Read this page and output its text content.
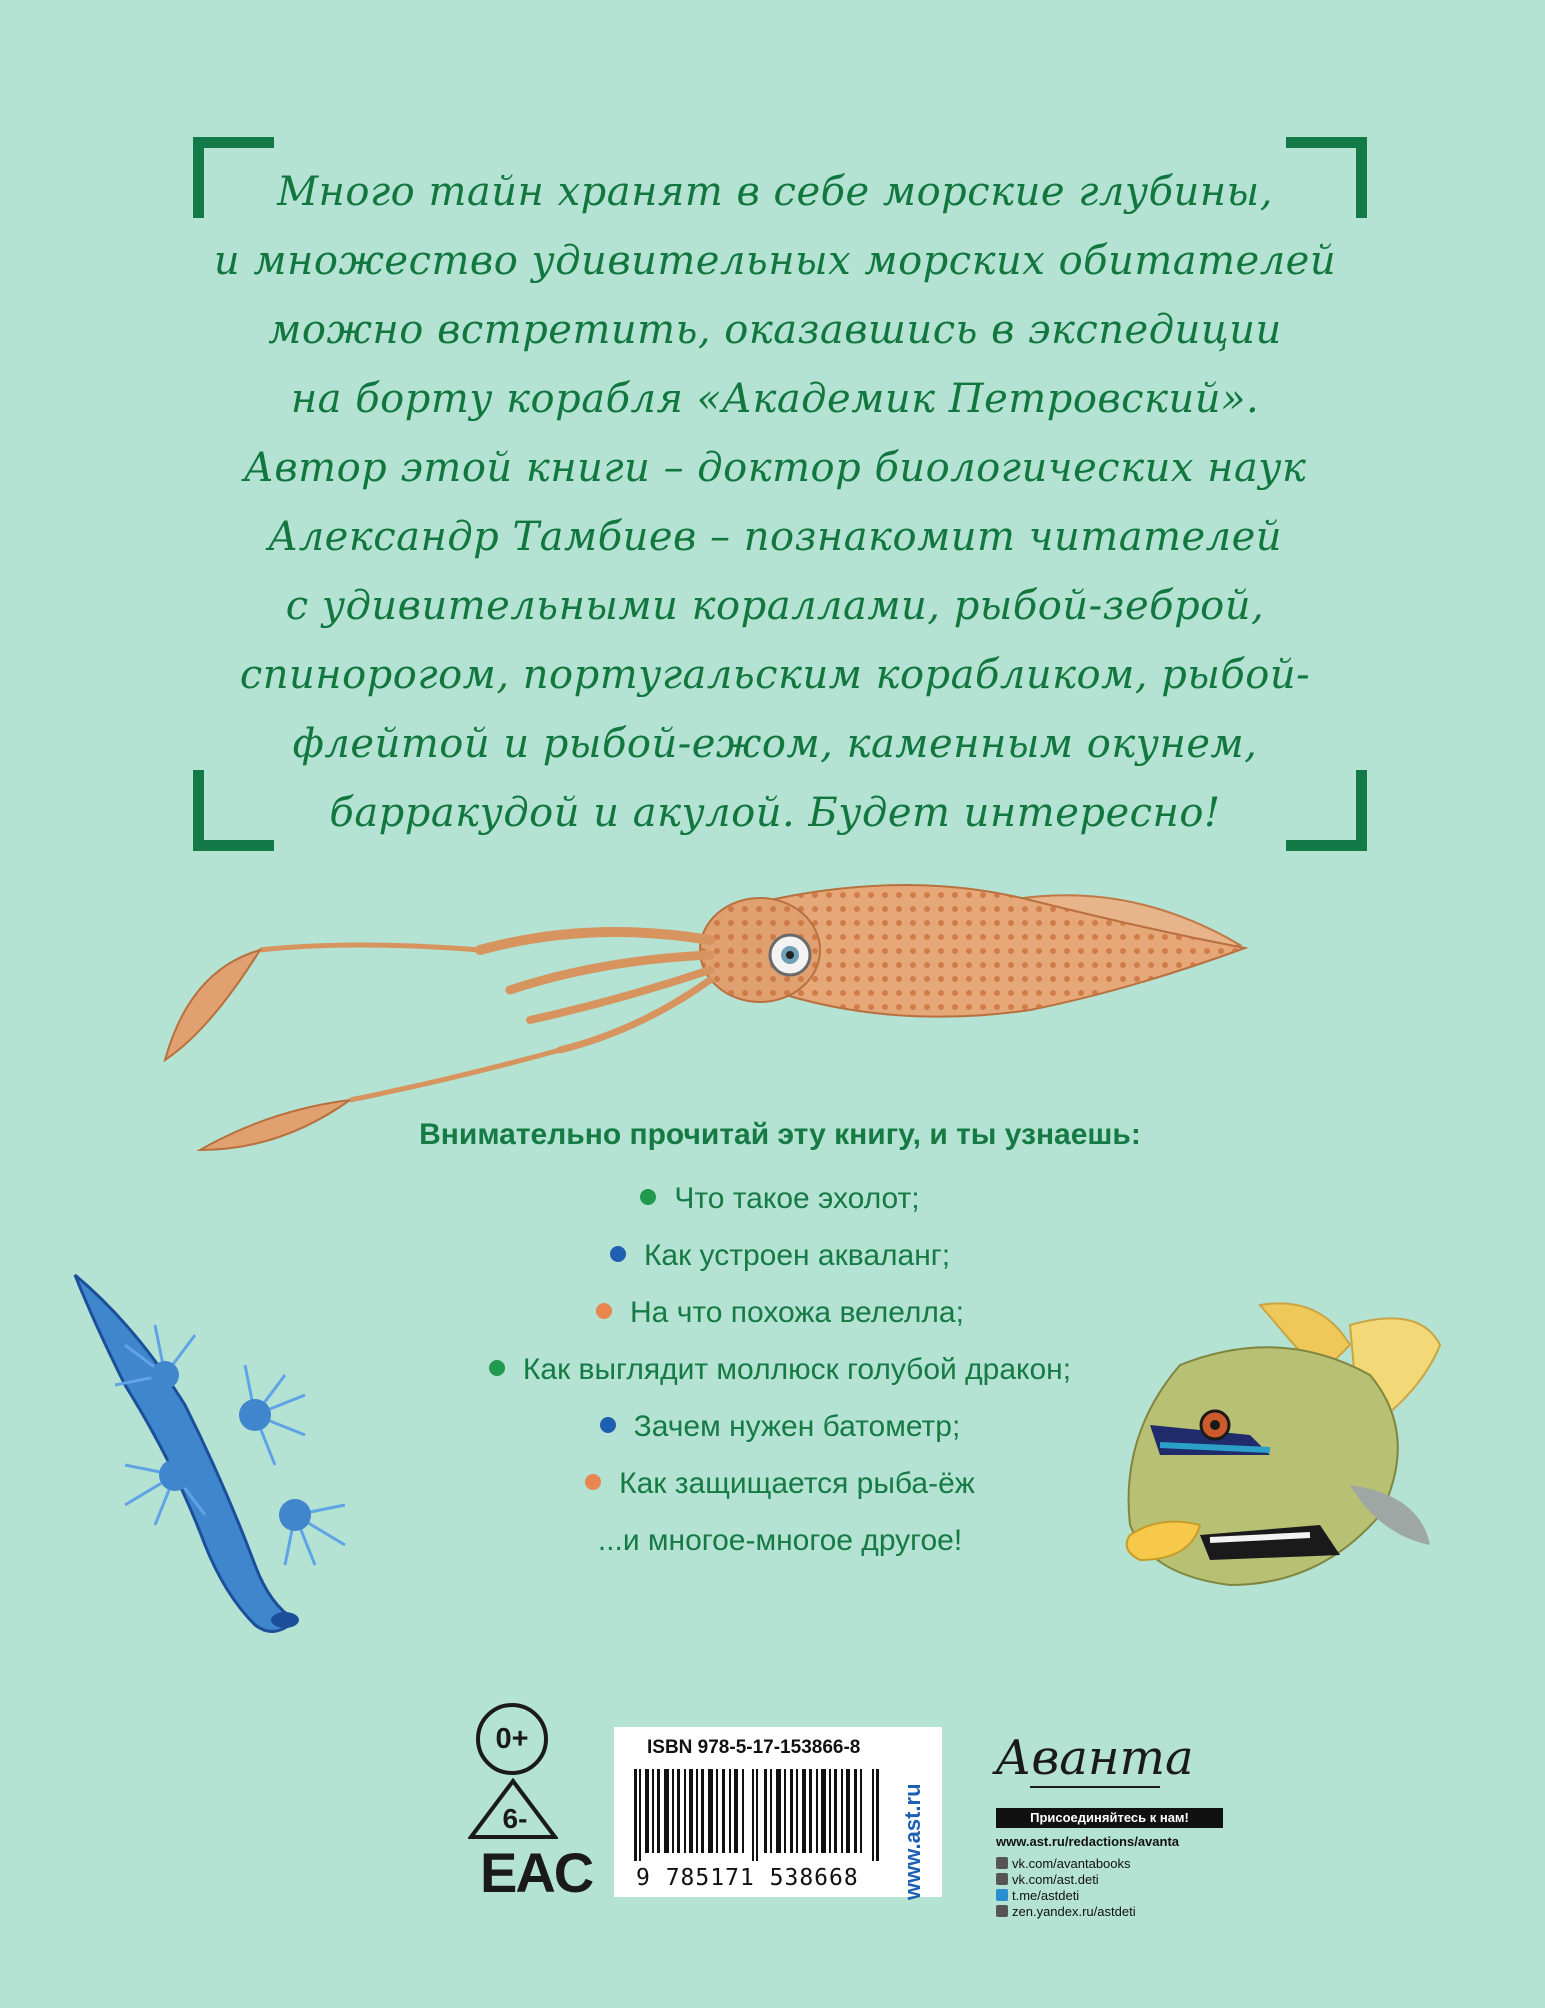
Много тайн хранят в себе морские глубины,
и множество удивительных морских обитателей
можно встретить, оказавшись в экспедиции
на борту корабля «Академик Петровский».
Автор этой книги – доктор биологических наук
Александр Тамбиев – познакомит читателей
с удивительными кораллами, рыбой-зеброй,
спинорогом, португальским корабликом, рыбой-
флейтой и рыбой-ежом, каменным окунем,
барракудой и акулой. Будет интересно!
Внимательно прочитай эту книгу, и ты узнаешь:
Что такое эхолот;
Как устроен акваланг;
На что похожа велелла;
Как выглядит моллюск голубой дракон;
Зачем нужен батометр;
Как защищается рыба-ёж
...и многое-многое другое!
0+
6-
EAC
ISBN 978-5-17-153866-8
9 785171 538668 www.ast.ru
Аванта
Присоединяйтесь к нам!
www.ast.ru/redactions/avanta
vk.com/avantabooks
vk.com/ast.deti
t.me/astdeti
zen.yandex.ru/astdeti
